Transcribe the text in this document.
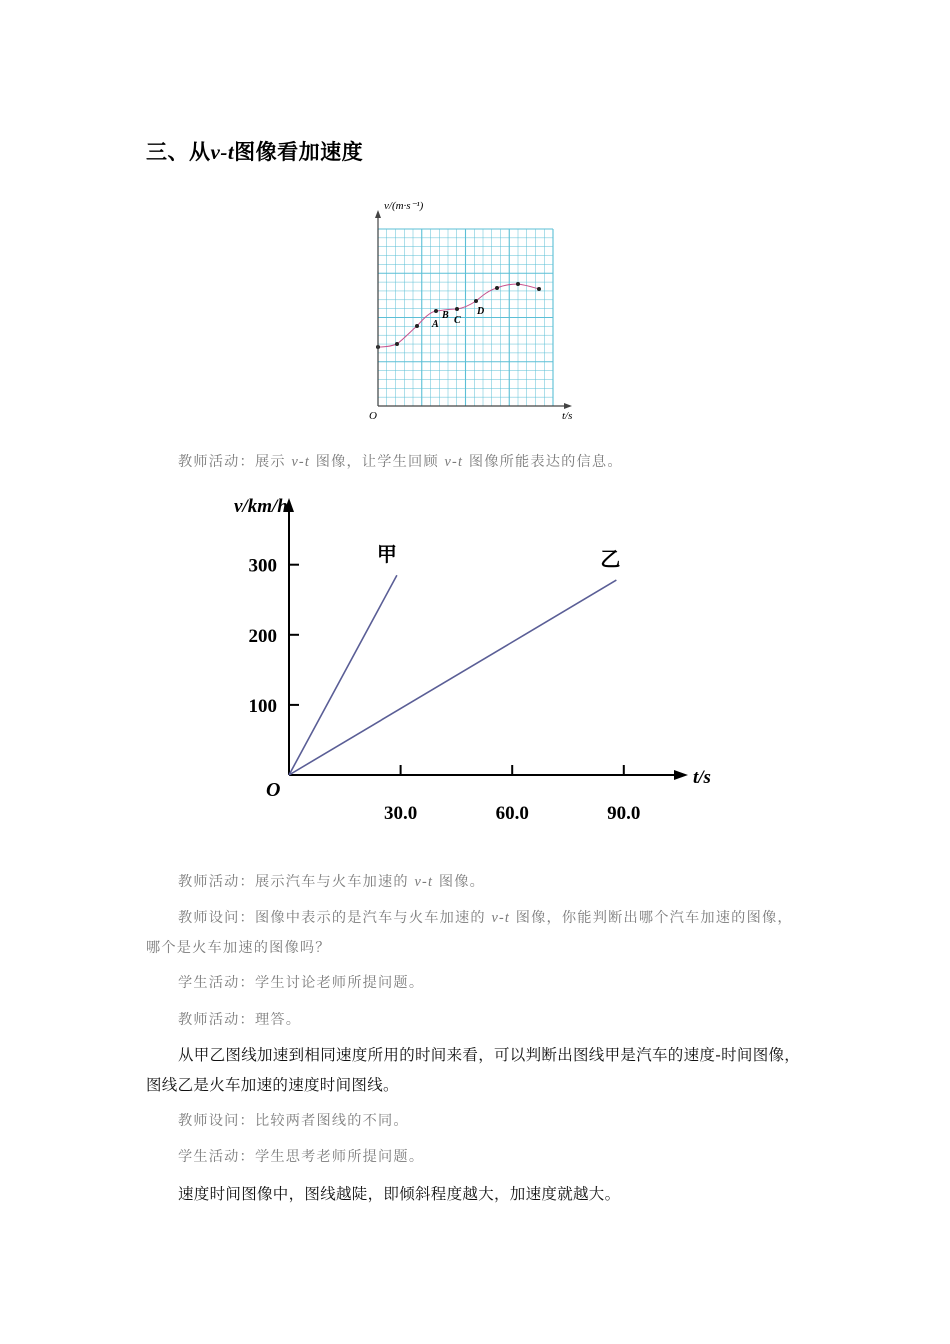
三、从v-t图像看加速度
v/(m·s⁻¹)
t/s
O
A
B C
D
教师活动：展示 v-t 图像，让学生回顾 v-t 图像所能表达的信息。
v/km/h
t/s
O
100
200
300
30.0	60.0	90.0
甲	乙
教师活动：展示汽车与火车加速的 v-t 图像。
教师设问：图像中表示的是汽车与火车加速的 v-t 图像，你能判断出哪个汽车加速的图像，哪个是火车加速的图像吗？
学生活动：学生讨论老师所提问题。
教师活动：理答。
从甲乙图线加速到相同速度所用的时间来看，可以判断出图线甲是汽车的速度-时间图像，图线乙是火车加速的速度时间图线。
教师设问：比较两者图线的不同。
学生活动：学生思考老师所提问题。
速度时间图像中，图线越陡，即倾斜程度越大，加速度就越大。
